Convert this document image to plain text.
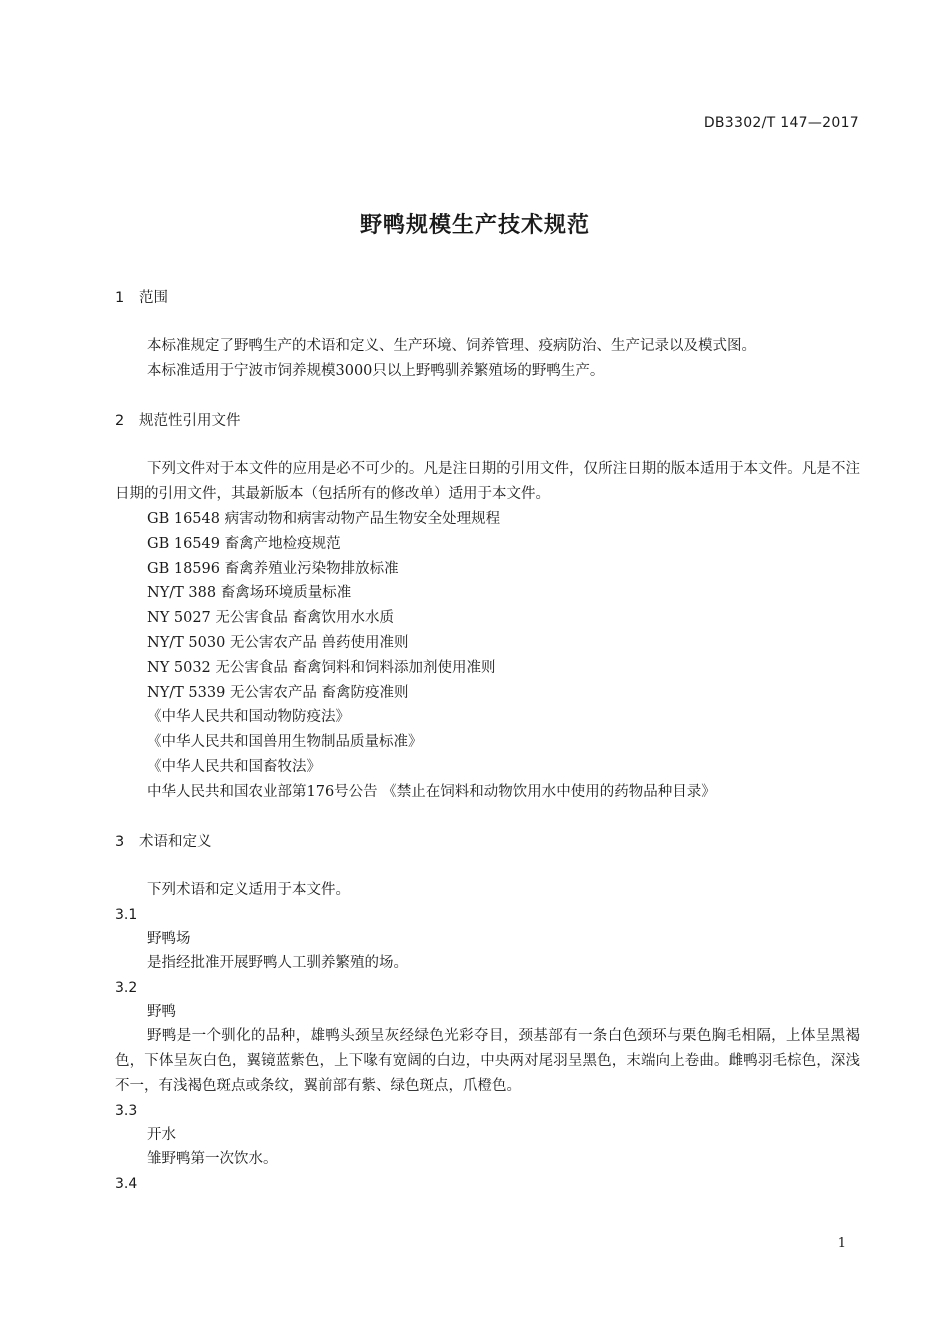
DB3302/T 147—2017
野鸭规模生产技术规范
1 范围

本标准规定了野鸭生产的术语和定义、生产环境、饲养管理、疫病防治、生产记录以及模式图。

本标准适用于宁波市饲养规模3000只以上野鸭驯养繁殖场的野鸭生产。

2 规范性引用文件

下列文件对于本文件的应用是必不可少的。凡是注日期的引用文件，仅所注日期的版本适用于本文件。凡是不注日期的引用文件，其最新版本（包括所有的修改单）适用于本文件。

GB 16548 病害动物和病害动物产品生物安全处理规程

GB 16549 畜禽产地检疫规范

GB 18596 畜禽养殖业污染物排放标准

NY/T 388 畜禽场环境质量标准

NY 5027 无公害食品 畜禽饮用水水质

NY/T 5030 无公害农产品 兽药使用准则

NY 5032 无公害食品 畜禽饲料和饲料添加剂使用准则

NY/T 5339 无公害农产品 畜禽防疫准则

《中华人民共和国动物防疫法》

《中华人民共和国兽用生物制品质量标准》

《中华人民共和国畜牧法》

中华人民共和国农业部第176号公告 《禁止在饲料和动物饮用水中使用的药物品种目录》

3 术语和定义

下列术语和定义适用于本文件。

3.1

野鸭场

是指经批准开展野鸭人工驯养繁殖的场。

3.2

野鸭

野鸭是一个驯化的品种，雄鸭头颈呈灰经绿色光彩夺目，颈基部有一条白色颈环与栗色胸毛相隔，上体呈黑褐色，下体呈灰白色，翼镜蓝紫色，上下喙有宽阔的白边，中央两对尾羽呈黑色，末端向上卷曲。雌鸭羽毛棕色，深浅不一，有浅褐色斑点或条纹，翼前部有紫、绿色斑点，爪橙色。

3.3

开水

雏野鸭第一次饮水。

3.4

1
